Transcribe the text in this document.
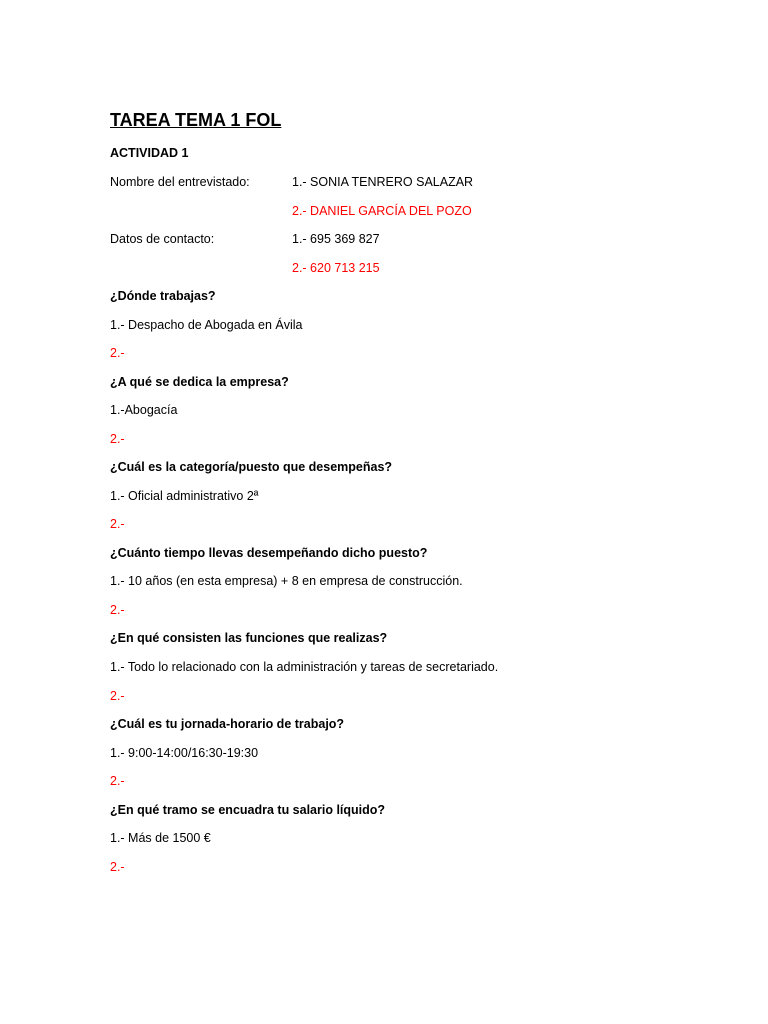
TAREA TEMA 1 FOL
ACTIVIDAD 1
Nombre del entrevistado:	1.- SONIA TENRERO SALAZAR
2.- DANIEL GARCÍA DEL POZO
Datos de contacto:	1.- 695 369 827
2.- 620 713 215
¿Dónde trabajas?
1.- Despacho de Abogada en Ávila
2.-
¿A qué se dedica la empresa?
1.-Abogacía
2.-
¿Cuál es la categoría/puesto que desempeñas?
1.- Oficial administrativo 2ª
2.-
¿Cuánto tiempo llevas desempeñando dicho puesto?
1.- 10 años (en esta empresa) + 8 en empresa de construcción.
2.-
¿En qué consisten las funciones que realizas?
1.- Todo lo relacionado con la administración y tareas de secretariado.
2.-
¿Cuál es tu jornada-horario de trabajo?
1.- 9:00-14:00/16:30-19:30
2.-
¿En qué tramo se encuadra tu salario líquido?
1.- Más de 1500 €
2.-
